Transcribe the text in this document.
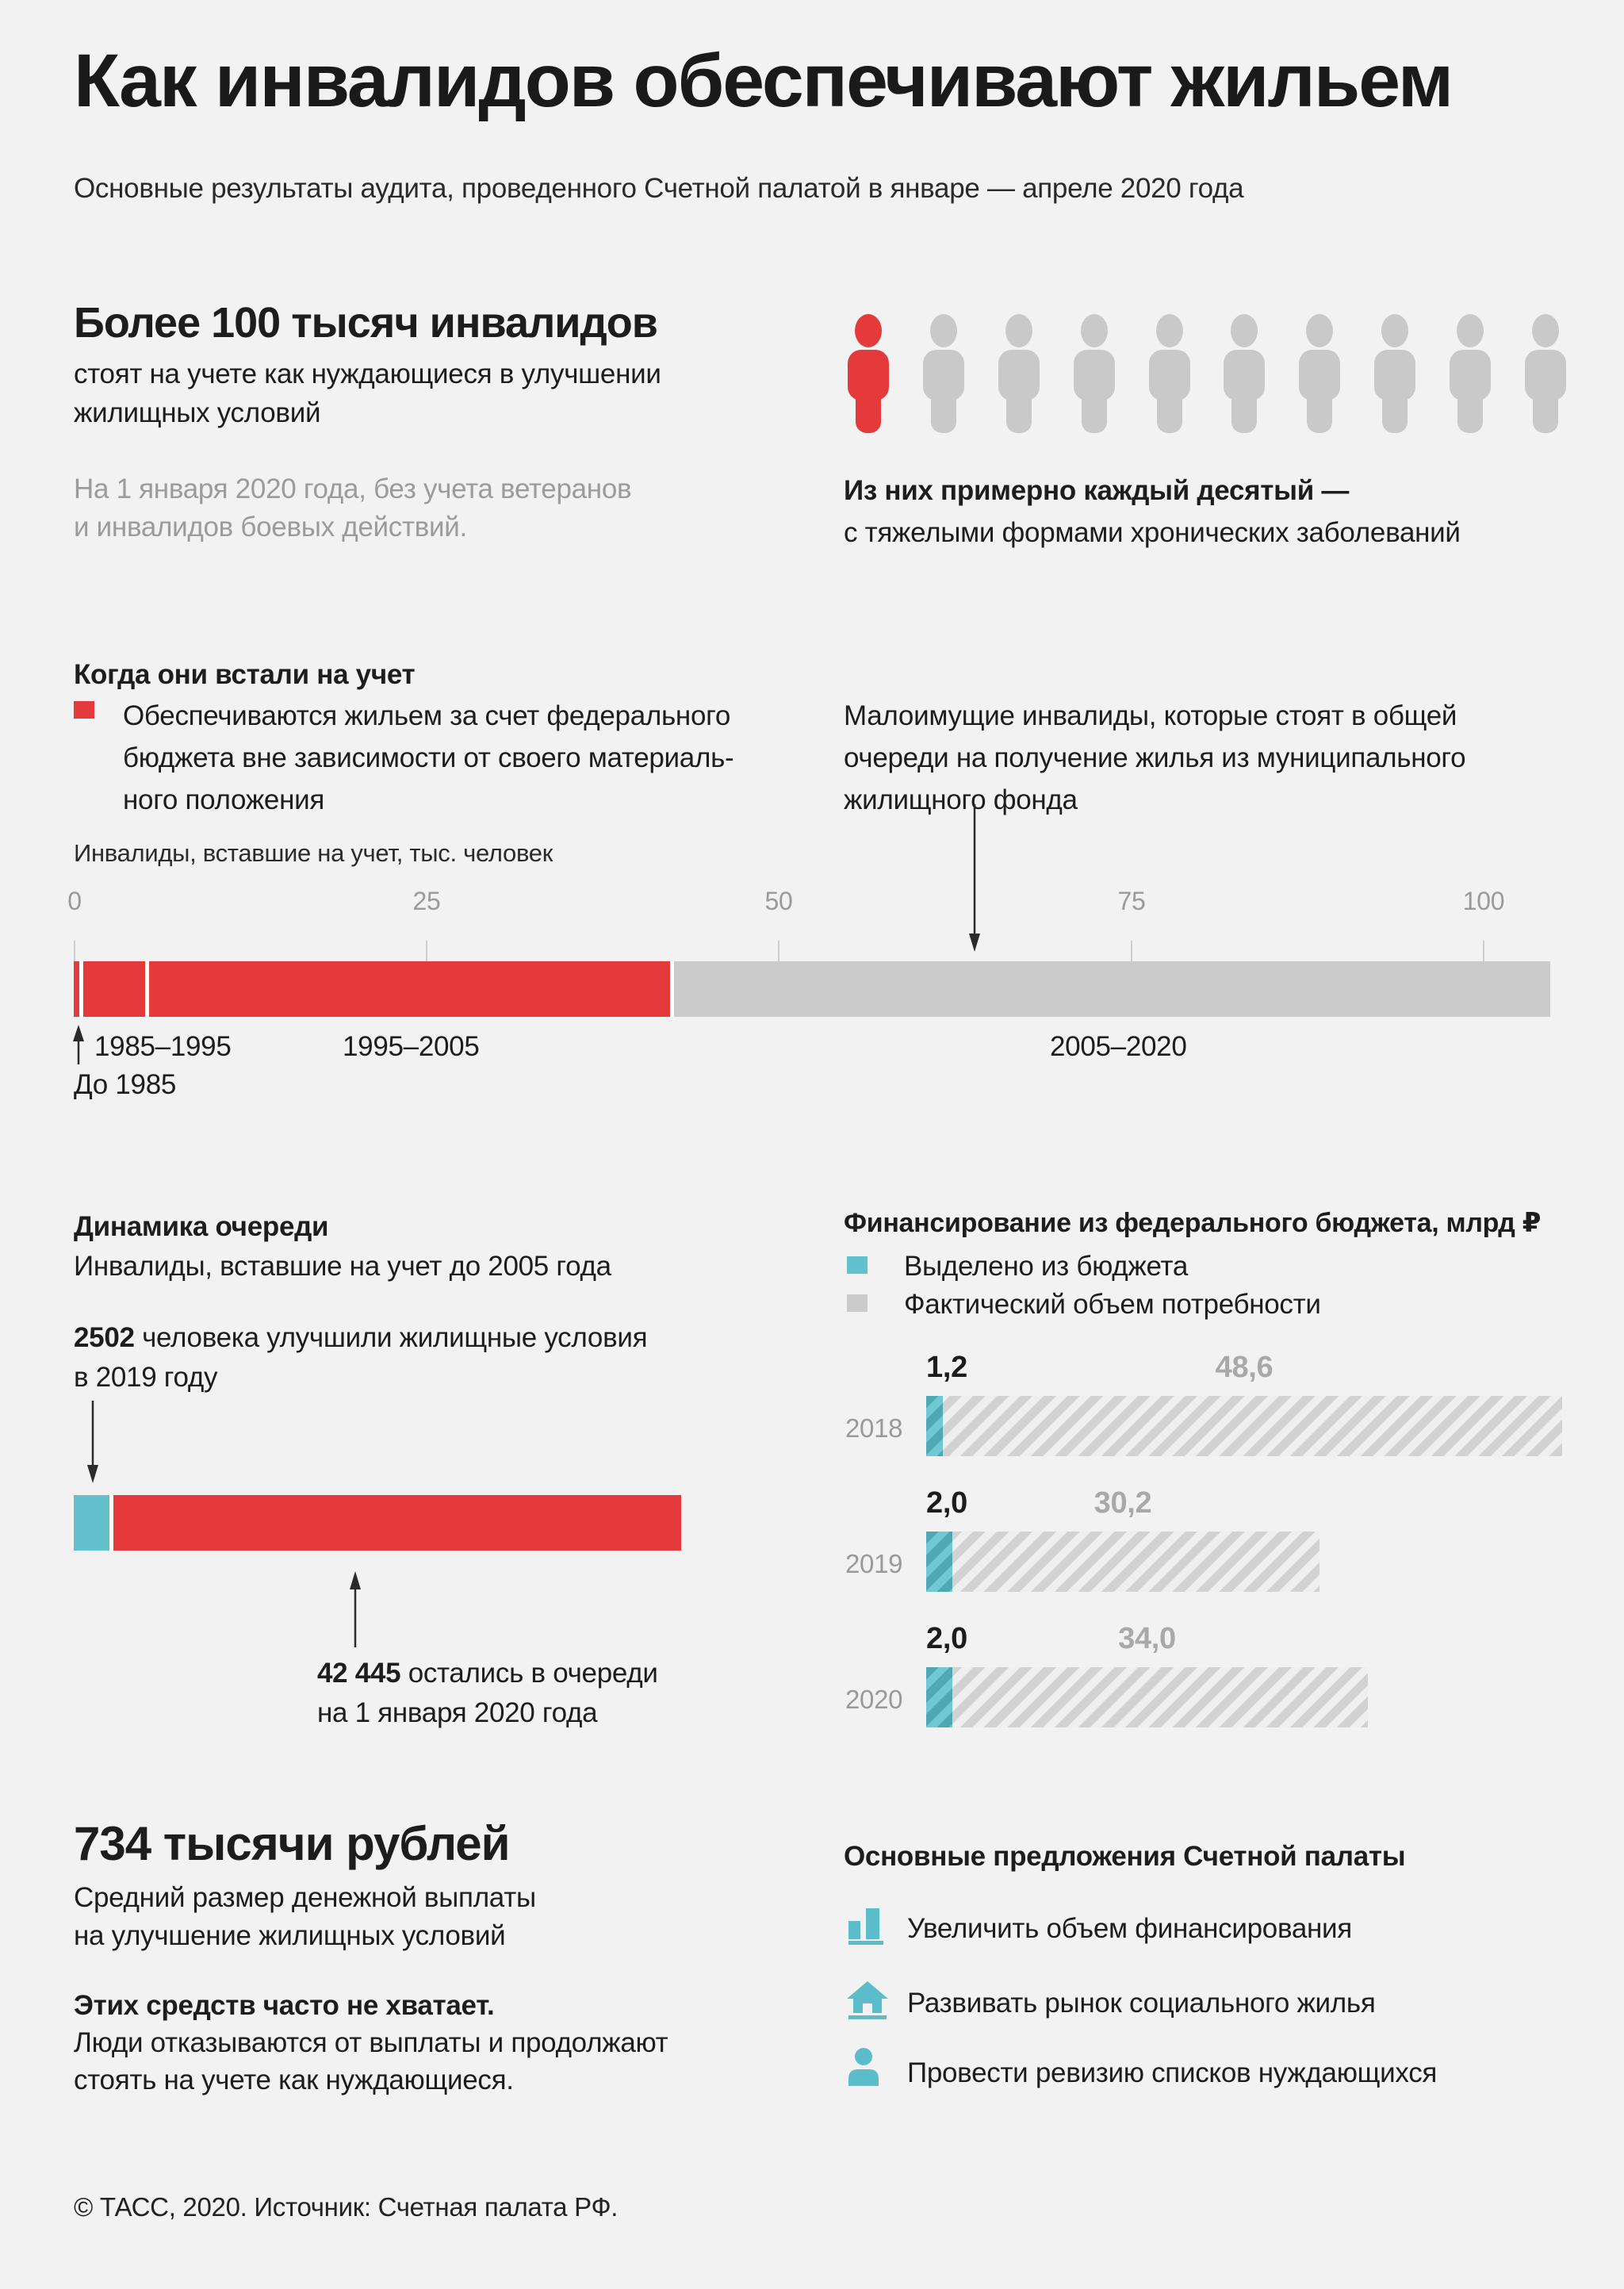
Как инвалидов обеспечивают жильем
Основные результаты аудита, проведенного Счетной палатой в январе — апреле 2020 года
Более 100 тысяч инвалидов
стоят на учете как нуждающиеся в улучшении
жилищных условий
На 1 января 2020 года, без учета ветеранов
и инвалидов боевых действий.
Из них примерно каждый десятый —
с тяжелыми формами хронических заболеваний
Когда они встали на учет
Обеспечиваются жильем за счет федерального
бюджета вне зависимости от своего материаль-
ного положения
Малоимущие инвалиды, которые стоят в общей
очереди на получение жилья из муниципального
жилищного фонда
Инвалиды, вставшие на учет, тыс. человек
0	25	50	75	100
1985–1995	1995–2005	2005–2020
До 1985
Динамика очереди
Инвалиды, вставшие на учет до 2005 года
2502 человека улучшили жилищные условия
в 2019 году
42 445 остались в очереди
на 1 января 2020 года
Финансирование из федерального бюджета, млрд ₽
Выделено из бюджета
Фактический объем потребности
1,2	48,6
2018
2,0	30,2
2019
2,0	34,0
2020
734 тысячи рублей
Средний размер денежной выплаты
на улучшение жилищных условий
Этих средств часто не хватает.
Люди отказываются от выплаты и продолжают
стоять на учете как нуждающиеся.
Основные предложения Счетной палаты
Увеличить объем финансирования
Развивать рынок социального жилья
Провести ревизию списков нуждающихся
© ТАСС, 2020. Источник: Счетная палата РФ.
